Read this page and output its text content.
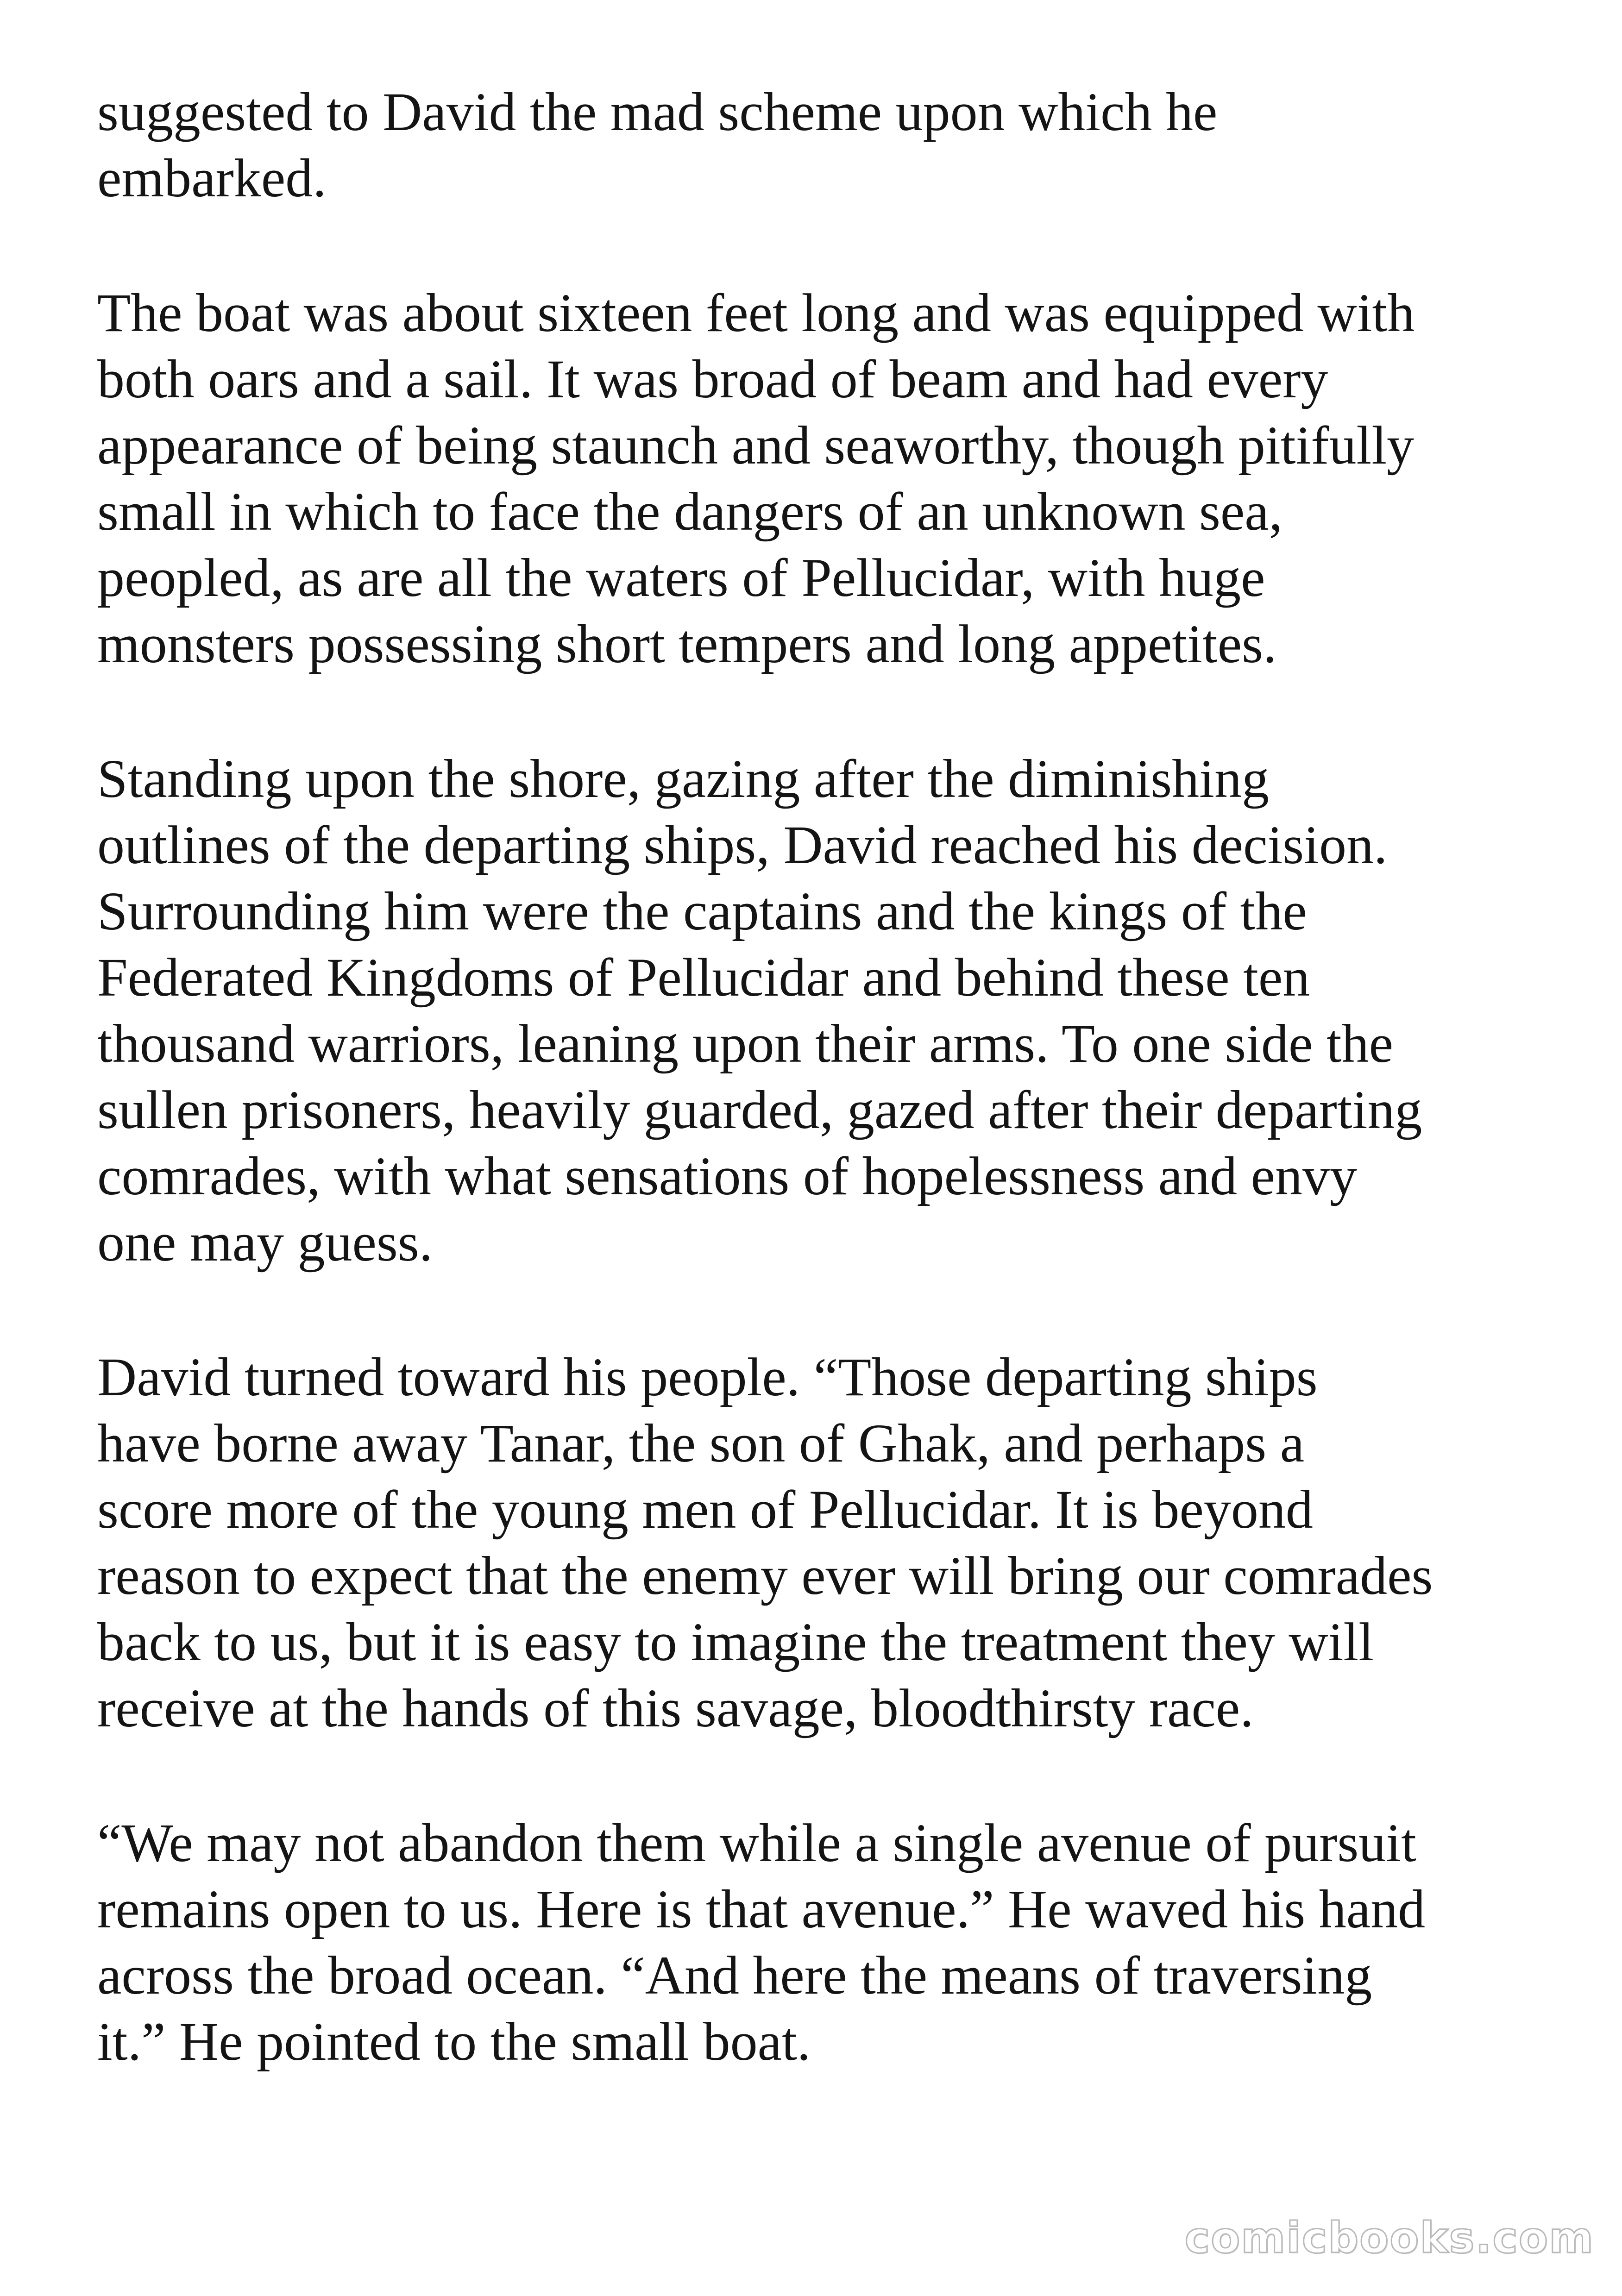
suggested to David the mad scheme upon which he
embarked.

The boat was about sixteen feet long and was equipped with
both oars and a sail. It was broad of beam and had every
appearance of being staunch and seaworthy, though pitifully
small in which to face the dangers of an unknown sea,
peopled, as are all the waters of Pellucidar, with huge
monsters possessing short tempers and long appetites.

Standing upon the shore, gazing after the diminishing
outlines of the departing ships, David reached his decision.
Surrounding him were the captains and the kings of the
Federated Kingdoms of Pellucidar and behind these ten
thousand warriors, leaning upon their arms. To one side the
sullen prisoners, heavily guarded, gazed after their departing
comrades, with what sensations of hopelessness and envy
one may guess.

David turned toward his people. “Those departing ships
have borne away Tanar, the son of Ghak, and perhaps a
score more of the young men of Pellucidar. It is beyond
reason to expect that the enemy ever will bring our comrades
back to us, but it is easy to imagine the treatment they will
receive at the hands of this savage, bloodthirsty race.

“We may not abandon them while a single avenue of pursuit
remains open to us. Here is that avenue.” He waved his hand
across the broad ocean. “And here the means of traversing
it.” He pointed to the small boat.

comicbooks.com
